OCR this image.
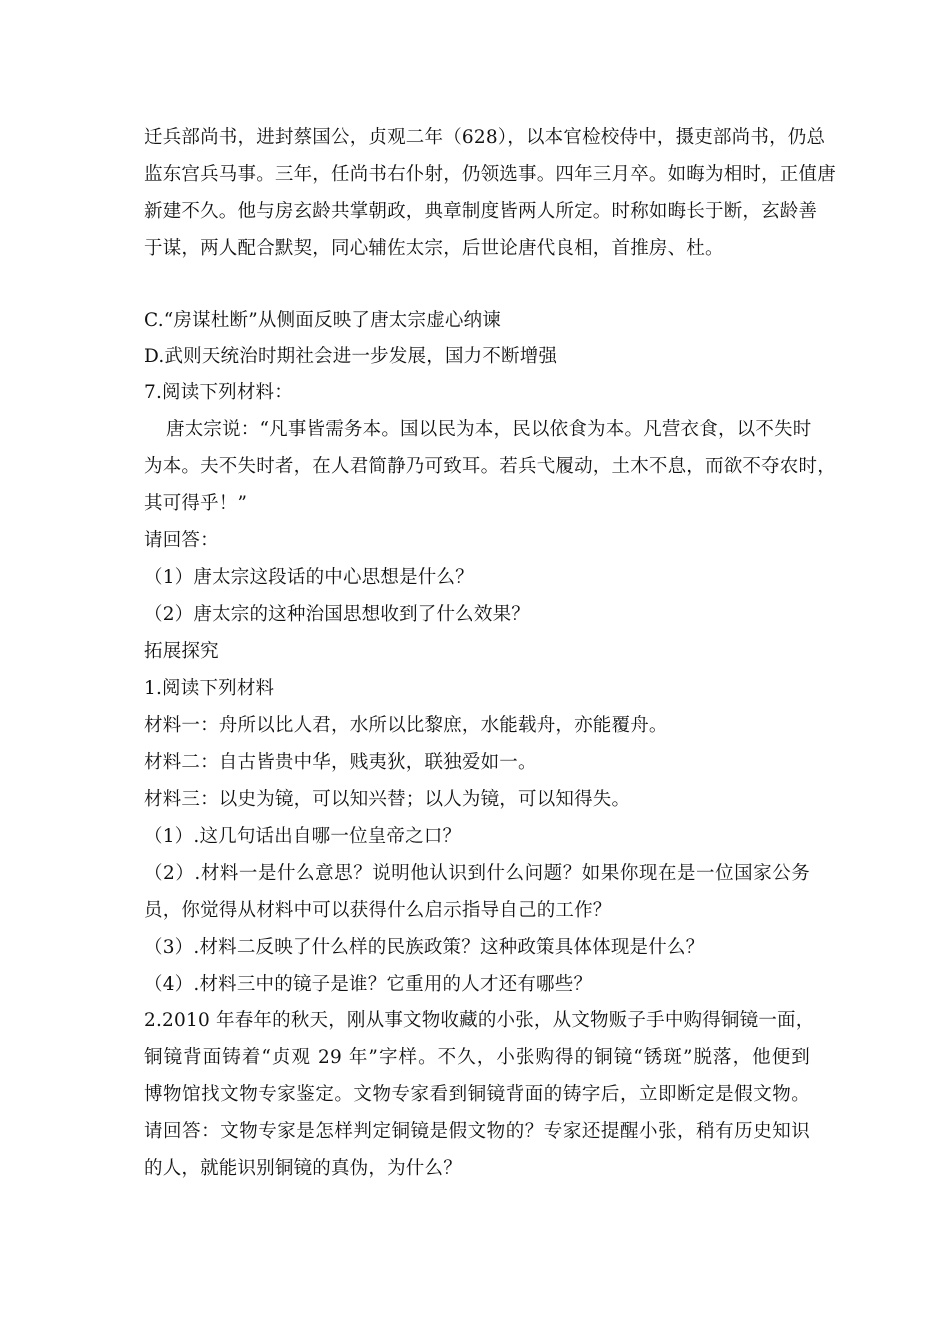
迁兵部尚书，进封蔡国公，贞观二年（628），以本官检校侍中，摄吏部尚书，仍总
监东宫兵马事。三年，任尚书右仆射，仍领选事。四年三月卒。如晦为相时，正值唐
新建不久。他与房玄龄共掌朝政，典章制度皆两人所定。时称如晦长于断，玄龄善
于谋，两人配合默契，同心辅佐太宗，后世论唐代良相，首推房、杜。
C.“房谋杜断”从侧面反映了唐太宗虚心纳谏
D.武则天统治时期社会进一步发展，国力不断增强
7.阅读下列材料：
唐太宗说：“凡事皆需务本。国以民为本，民以依食为本。凡营衣食，以不失时
为本。夫不失时者，在人君简静乃可致耳。若兵弋履动，土木不息，而欲不夺农时，
其可得乎！”
请回答：
（1）唐太宗这段话的中心思想是什么？
（2）唐太宗的这种治国思想收到了什么效果？
拓展探究
1.阅读下列材料
材料一：舟所以比人君，水所以比黎庶，水能载舟，亦能覆舟。
材料二：自古皆贵中华，贱夷狄，联独爱如一。
材料三：以史为镜，可以知兴替；以人为镜，可以知得失。
（1）.这几句话出自哪一位皇帝之口？
（2）.材料一是什么意思？说明他认识到什么问题？如果你现在是一位国家公务
员，你觉得从材料中可以获得什么启示指导自己的工作？
（3）.材料二反映了什么样的民族政策？这种政策具体体现是什么？
（4）.材料三中的镜子是谁？它重用的人才还有哪些？
2.2010 年春年的秋天，刚从事文物收藏的小张，从文物贩子手中购得铜镜一面，
铜镜背面铸着“贞观 29 年”字样。不久，小张购得的铜镜“锈斑”脱落，他便到
博物馆找文物专家鉴定。文物专家看到铜镜背面的铸字后，立即断定是假文物。
请回答：文物专家是怎样判定铜镜是假文物的？专家还提醒小张，稍有历史知识
的人，就能识别铜镜的真伪，为什么？
